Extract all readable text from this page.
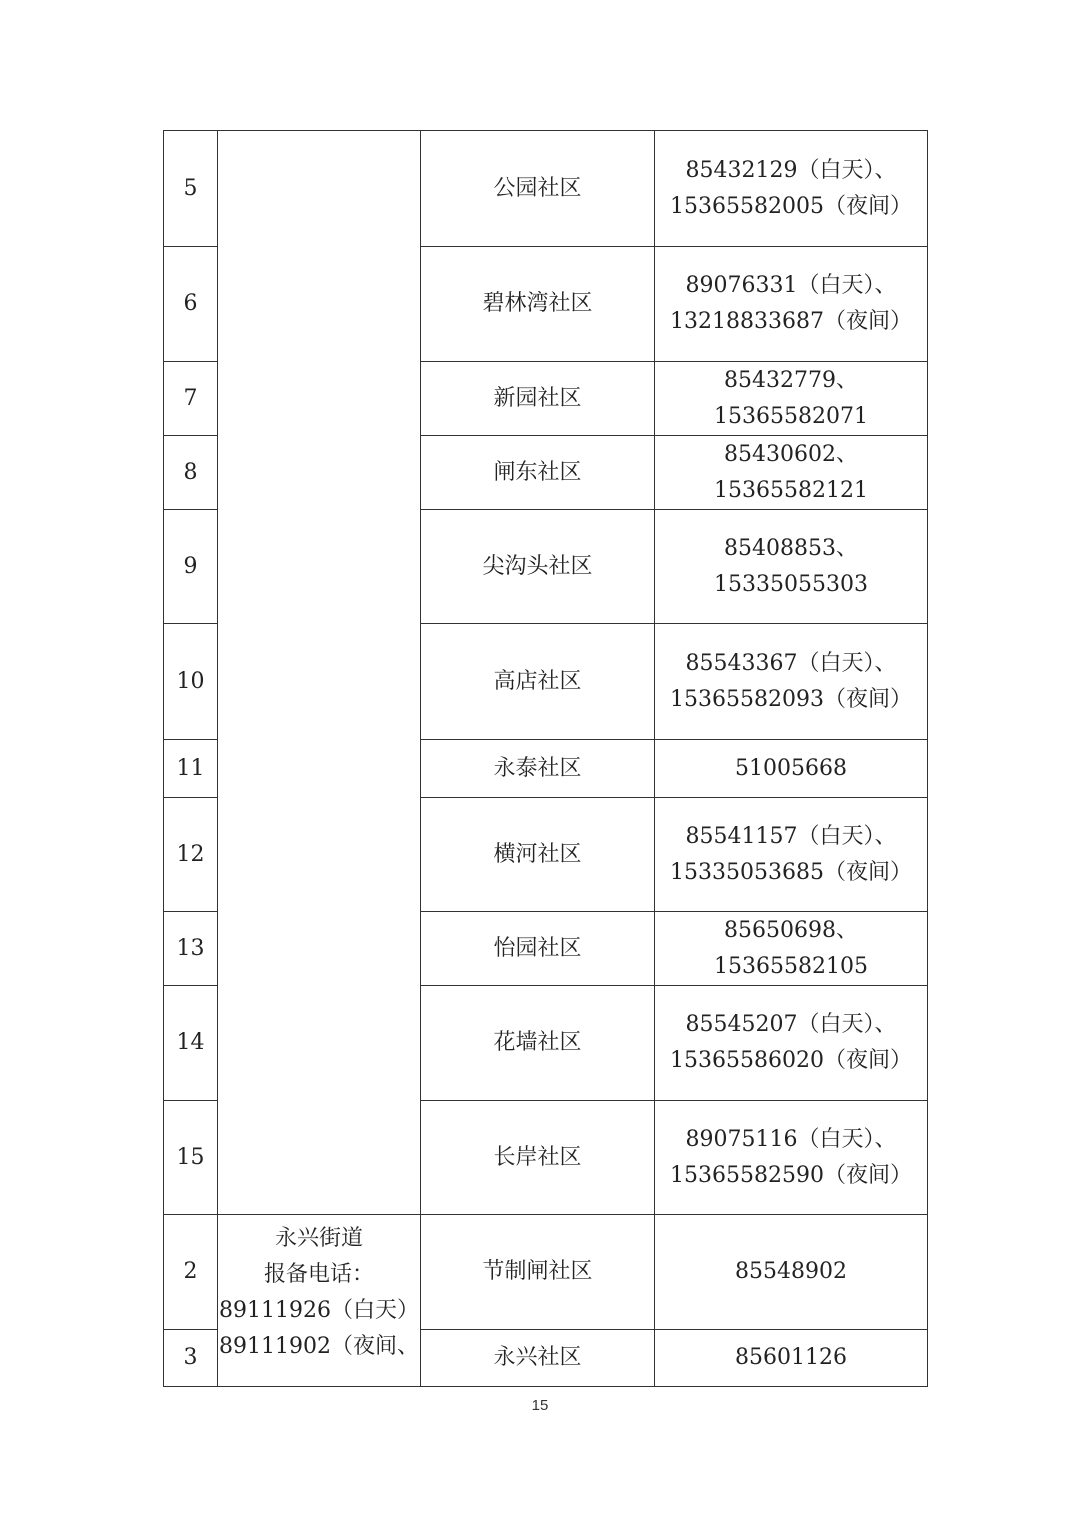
5		公园社区	85432129（白天）、
15365582005（夜间）

6		碧林湾社区	89076331（白天）、
13218833687（夜间）

7		新园社区	85432779、
15365582071

8		闸东社区	85430602、
15365582121

9		尖沟头社区	85408853、
15335055303

10		高店社区	85543367（白天）、
15365582093（夜间）

11		永泰社区	51005668

12		横河社区	85541157（白天）、
15335053685（夜间）

13		怡园社区	85650698、
15365582105

14		花墙社区	85545207（白天）、
15365586020（夜间）

15		长岸社区	89075116（白天）、
15365582590（夜间）

2	永兴街道
报备电话：
89111926（白天）
89111902（夜间、	节制闸社区	85548902

3		永兴社区	85601126
15
